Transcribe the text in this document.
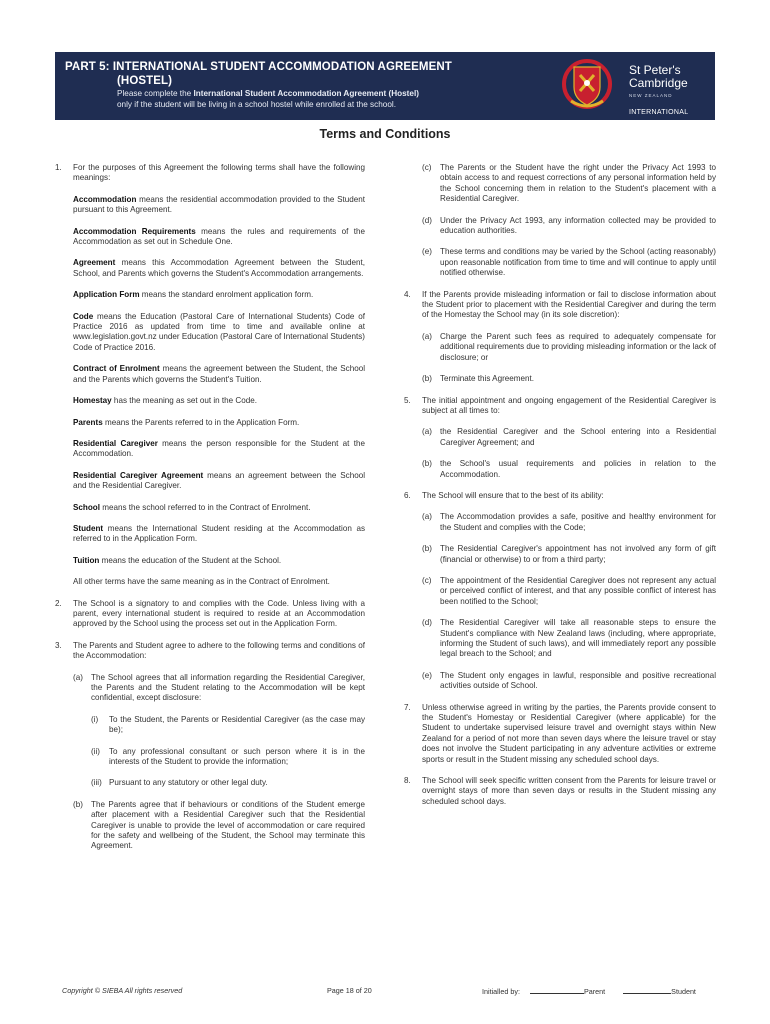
PART 5: INTERNATIONAL STUDENT ACCOMMODATION AGREEMENT
(HOSTEL)
Please complete the International Student Accommodation Agreement (Hostel)
only if the student will be living in a school hostel while enrolled at the school.
St Peter's
Cambridge
NEW ZEALAND
INTERNATIONAL
Terms and Conditions
1. For the purposes of this Agreement the following terms shall have the following meanings:
Accommodation means the residential accommodation provided to the Student pursuant to this Agreement.
Accommodation Requirements means the rules and requirements of the Accommodation as set out in Schedule One.
Agreement means this Accommodation Agreement between the Student, School, and Parents which governs the Student's Accommodation arrangements.
Application Form means the standard enrolment application form.
Code means the Education (Pastoral Care of International Students) Code of Practice 2016 as updated from time to time and available online at www.legislation.govt.nz under Education (Pastoral Care of International Students) Code of Practice 2016.
Contract of Enrolment means the agreement between the Student, the School and the Parents which governs the Student's Tuition.
Homestay has the meaning as set out in the Code.
Parents means the Parents referred to in the Application Form.
Residential Caregiver means the person responsible for the Student at the Accommodation.
Residential Caregiver Agreement means an agreement between the School and the Residential Caregiver.
School means the school referred to in the Contract of Enrolment.
Student means the International Student residing at the Accommodation as referred to in the Application Form.
Tuition means the education of the Student at the School.
All other terms have the same meaning as in the Contract of Enrolment.
2. The School is a signatory to and complies with the Code. Unless living with a parent, every international student is required to reside at an Accommodation approved by the School using the process set out in the Application Form.
3. The Parents and Student agree to adhere to the following terms and conditions of the Accommodation:
(a) The School agrees that all information regarding the Residential Caregiver, the Parents and the Student relating to the Accommodation will be kept confidential, except disclosure:
(i) To the Student, the Parents or Residential Caregiver (as the case may be);
(ii) To any professional consultant or such person where it is in the interests of the Student to provide the information;
(iii) Pursuant to any statutory or other legal duty.
(b) The Parents agree that if behaviours or conditions of the Student emerge after placement with a Residential Caregiver such that the Residential Caregiver is unable to provide the level of accommodation or care required for the safety and wellbeing of the Student, the School may terminate this Agreement.
(c) The Parents or the Student have the right under the Privacy Act 1993 to obtain access to and request corrections of any personal information held by the School concerning them in relation to the Student's placement with a Residential Caregiver.
(d) Under the Privacy Act 1993, any information collected may be provided to education authorities.
(e) These terms and conditions may be varied by the School (acting reasonably) upon reasonable notification from time to time and will continue to apply until notified otherwise.
4. If the Parents provide misleading information or fail to disclose information about the Student prior to placement with the Residential Caregiver and during the term of the Homestay the School may (in its sole discretion):
(a) Charge the Parent such fees as required to adequately compensate for additional requirements due to providing misleading information or the lack of disclosure; or
(b) Terminate this Agreement.
5. The initial appointment and ongoing engagement of the Residential Caregiver is subject at all times to:
(a) the Residential Caregiver and the School entering into a Residential Caregiver Agreement; and
(b) the School's usual requirements and policies in relation to the Accommodation.
6. The School will ensure that to the best of its ability:
(a) The Accommodation provides a safe, positive and healthy environment for the Student and complies with the Code;
(b) The Residential Caregiver's appointment has not involved any form of gift (financial or otherwise) to or from a third party;
(c) The appointment of the Residential Caregiver does not represent any actual or perceived conflict of interest, and that any possible conflict of interest has been notified to the School;
(d) The Residential Caregiver will take all reasonable steps to ensure the Student's compliance with New Zealand laws (including, where appropriate, informing the Student of such laws), and will immediately report any possible legal breach to the School; and
(e) The Student only engages in lawful, responsible and positive recreational activities outside of School.
7. Unless otherwise agreed in writing by the parties, the Parents provide consent to the Student's Homestay or Residential Caregiver (where applicable) for the Student to undertake supervised leisure travel and overnight stays within New Zealand for a period of not more than seven days where the leisure travel or stay does not involve the Student participating in any adventure activities or extreme sports or result in the Student missing any scheduled school days.
8. The School will seek specific written consent from the Parents for leisure travel or overnight stays of more than seven days or results in the Student missing any scheduled school days.
Copyright © SIEBA All rights reserved	Page 18 of 20	Initialled by:	Parent	Student
